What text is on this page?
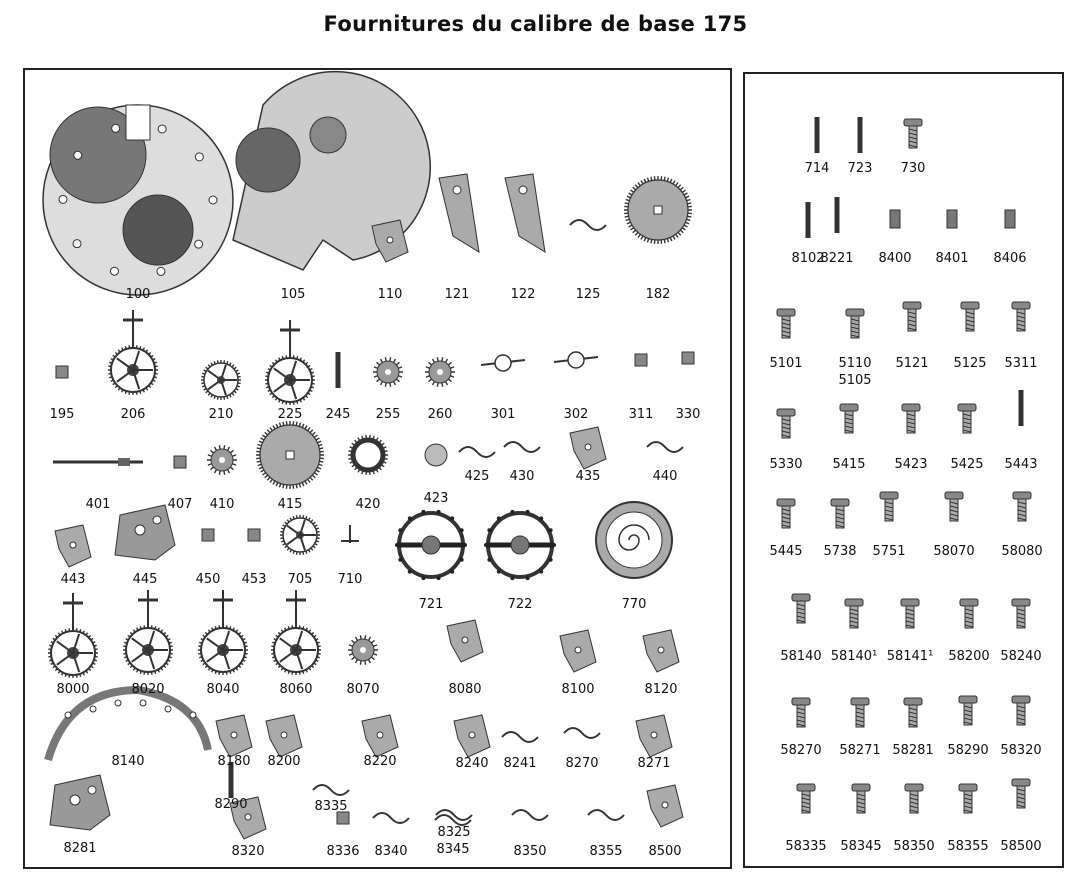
Fournitures du calibre de base 175
100	105	110	121	122	125	182
195	206	210	225 245 255 260	301	302	311 330
401	407 410	415	420	423
425 430	435	440
443	445	450 453 705 710
721	722	770
8000	8020	8040	8060	8070	8080	8100	8120
8140	8180 8200	8220	8240 8241 8270	8271
8281
8290
8320
8335
8336 8340
8325
8345	8350	8355 8500
714 723 730
8102
8221 8400 8401 8406
5101	5110
5105
5121 5125 5311
5330 5415 5423 5425 5443
5445 5738 5751 58070 58080
58140 58140¹ 58141¹ 58200 58240
58270 58271 58281 58290 58320
58335 58345 58350 58355 58500
